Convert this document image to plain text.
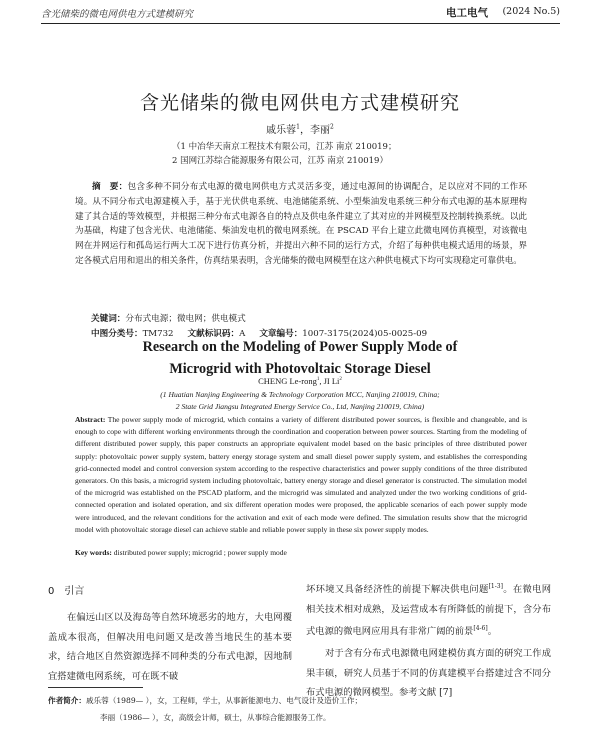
含光储柴的微电网供电方式建模研究	电工电气 (2024 No.5)
含光储柴的微电网供电方式建模研究
戚乐蓉$^1$，李丽$^2$
（1 中冶华天南京工程技术有限公司，江苏 南京 210019；
2 国网江苏综合能源服务有限公司，江苏 南京 210019）
摘　要：包含多种不同分布式电源的微电网供电方式灵活多变，通过电源间的协调配合，足以应对不同的工作环境。从不同分布式电源建模入手，基于光伏供电系统、电池储能系统、小型柴油发电系统三种分布式电源的基本原理构建了其合适的等效模型，并根据三种分布式电源各自的特点及供电条件建立了其对应的并网模型及控制转换系统。以此为基础，构建了包含光伏、电池储能、柴油发电机的微电网系统。在 PSCAD 平台上建立此微电网仿真模型，对该微电网在并网运行和孤岛运行两大工况下进行仿真分析，并提出六种不同的运行方式，介绍了每种供电模式适用的场景，界定各模式启用和退出的相关条件，仿真结果表明，含光储柴的微电网模型在这六种供电模式下均可实现稳定可靠供电。
关键词：分布式电源；微电网；供电模式
中图分类号：TM732 文献标识码：A 文章编号：1007-3175(2024)05-0025-09
Research on the Modeling of Power Supply Mode of
Microgrid with Photovoltaic Storage Diesel
CHENG Le-rong$^1$, JI Li$^2$
(1 Huatian Nanjing Engineering & Technology Corporation MCC, Nanjing 210019, China;
2 State Grid Jiangsu Integrated Energy Service Co., Ltd, Nanjing 210019, China)
Abstract: The power supply mode of microgrid, which contains a variety of different distributed power sources, is flexible and changeable, and is enough to cope with different working environments through the coordination and cooperation between power sources. Starting from the modeling of different distributed power supply, this paper constructs an appropriate equivalent model based on the basic principles of three distributed power supply: photovoltaic power supply system, battery energy storage system and small diesel power supply system, and establishes the corresponding grid-connected model and control conversion system according to the respective characteristics and power supply conditions of the three distributed generators. On this basis, a microgrid system including photovoltaic, battery energy storage and diesel generator is constructed. The simulation model of the microgrid was established on the PSCAD platform, and the microgrid was simulated and analyzed under the two working conditions of grid-connected operation and isolated operation, and six different operation modes were proposed, the applicable scenarios of each power supply mode were introduced, and the relevant conditions for the activation and exit of each mode were defined. The simulation results show that the microgrid model with photovoltaic storage diesel can achieve stable and reliable power supply in these six power supply modes.
Key words: distributed power supply; microgrid ; power supply mode
0 引言
在偏远山区以及海岛等自然环境恶劣的地方，大电网覆盖成本很高，但解决用电问题又是改善当地民生的基本要求，结合地区自然资源选择不同种类的分布式电源，因地制宜搭建微电网系统，可在既不破

坏环境又具备经济性的前提下解决供电问题[1-3]。在微电网相关技术相对成熟，及运营成本有所降低的前提下，含分布式电源的微电网应用具有非常广阔的前景[4-6]。

对于含有分布式电源微电网建模仿真方面的研究工作成果丰硕，研究人员基于不同的仿真建模平台搭建过含不同分布式电源的微网模型。参考文献 [7]

作者简介：戚乐蓉（1989— ），女，工程师，学士，从事新能源电力、电气设计及造价工作；
李丽（1986— ），女，高级会计师，硕士，从事综合能源服务工作。
